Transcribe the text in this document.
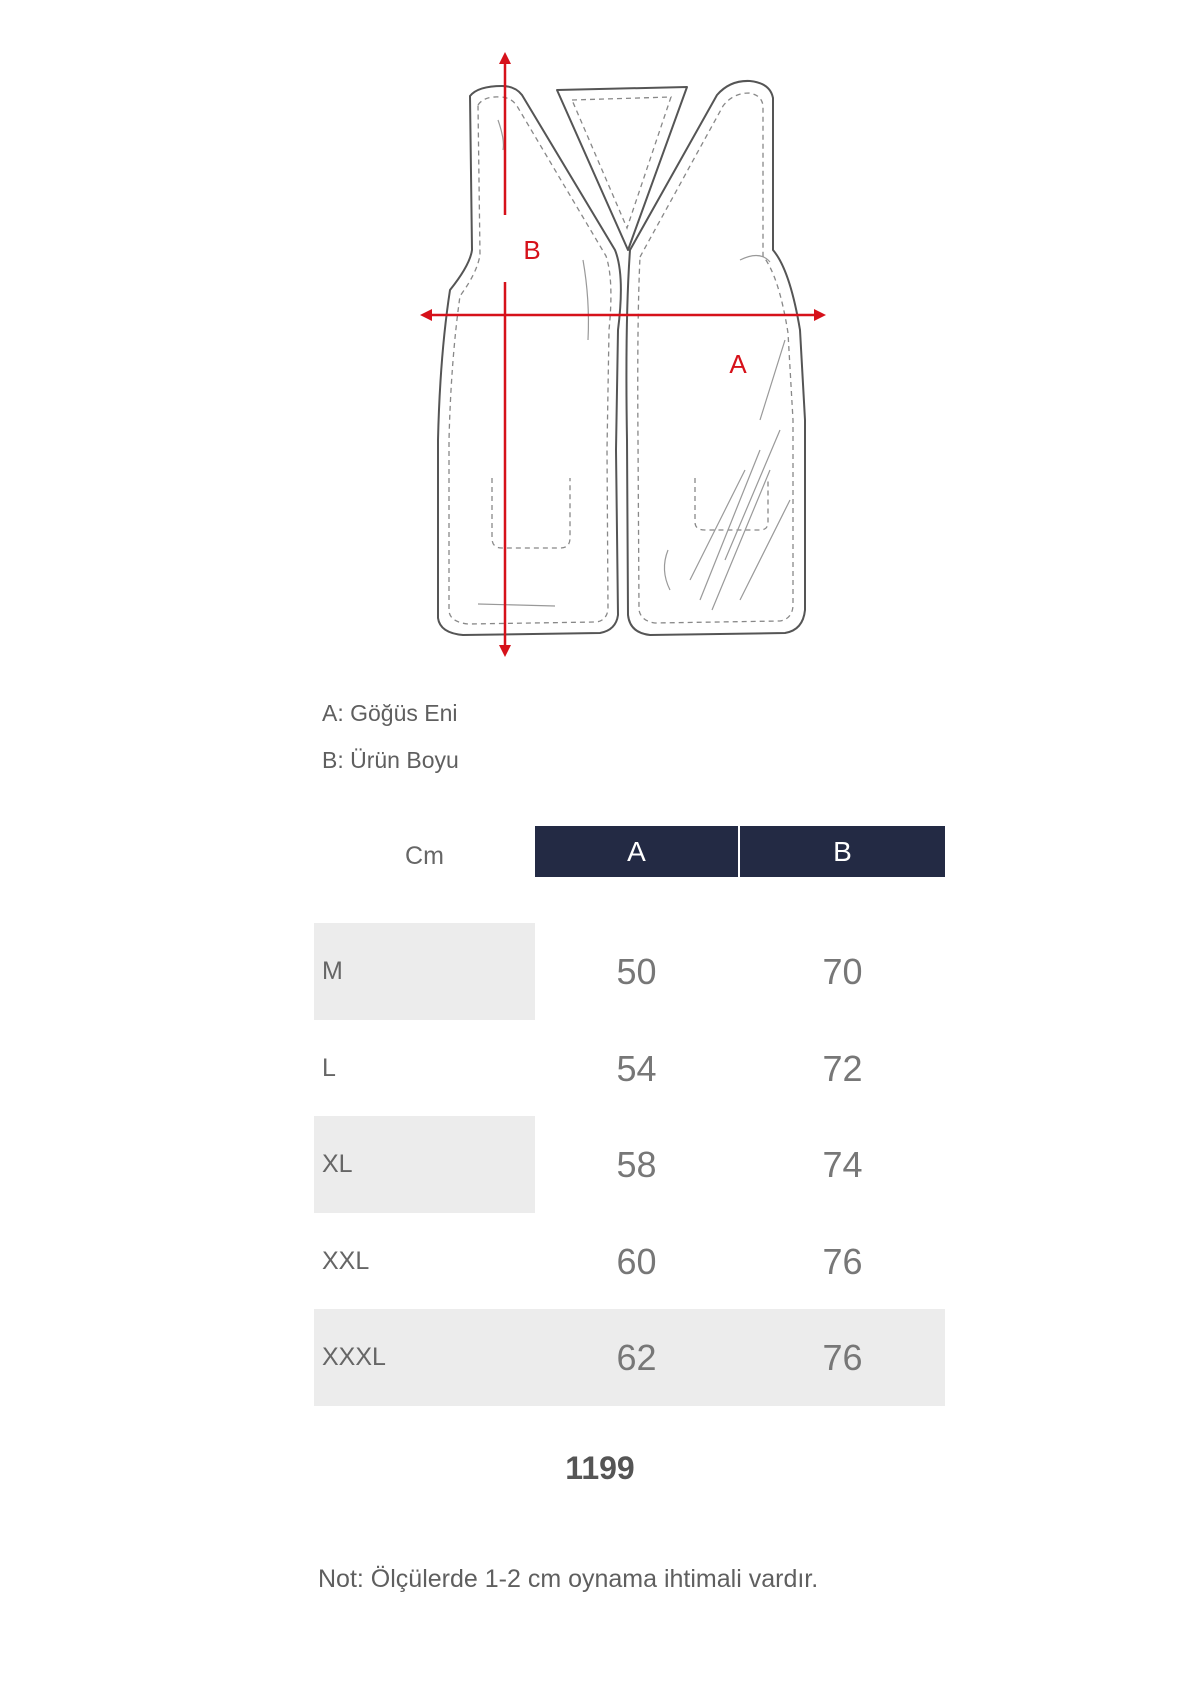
B
A
A: Göğüs Eni
B: Ürün Boyu
Cm	A	B
M	50	70
L	54	72
XL	58	74
XXL	60	76
XXXL	62	76
1199
Not: Ölçülerde 1-2 cm oynama ihtimali vardır.
